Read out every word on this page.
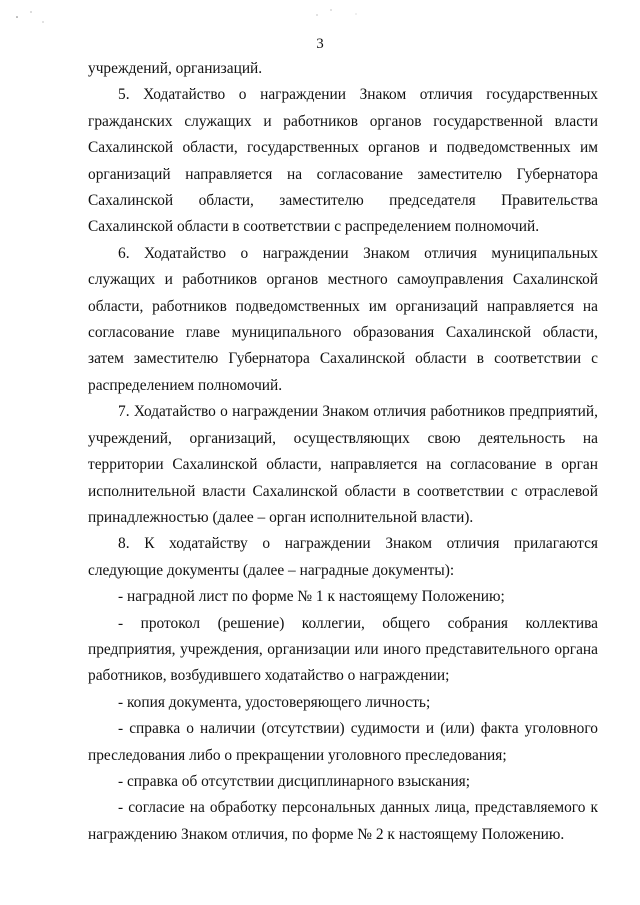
3

учреждений, организаций.

5. Ходатайство о награждении Знаком отличия государственных гражданских служащих и работников органов государственной власти Сахалинской области, государственных органов и подведомственных им организаций направляется на согласование заместителю Губернатора Сахалинской области, заместителю председателя Правительства Сахалинской области в соответствии с распределением полномочий.

6. Ходатайство о награждении Знаком отличия муниципальных служащих и работников органов местного самоуправления Сахалинской области, работников подведомственных им организаций направляется на согласование главе муниципального образования Сахалинской области, затем заместителю Губернатора Сахалинской области в соответствии с распределением полномочий.

7. Ходатайство о награждении Знаком отличия работников предприятий, учреждений, организаций, осуществляющих свою деятельность на территории Сахалинской области, направляется на согласование в орган исполнительной власти Сахалинской области в соответствии с отраслевой принадлежностью (далее – орган исполнительной власти).

8. К ходатайству о награждении Знаком отличия прилагаются следующие документы (далее – наградные документы):

- наградной лист по форме № 1 к настоящему Положению;

- протокол (решение) коллегии, общего собрания коллектива предприятия, учреждения, организации или иного представительного органа работников, возбудившего ходатайство о награждении;

- копия документа, удостоверяющего личность;

- справка о наличии (отсутствии) судимости и (или) факта уголовного преследования либо о прекращении уголовного преследования;

- справка об отсутствии дисциплинарного взыскания;

- согласие на обработку персональных данных лица, представляемого к награждению Знаком отличия, по форме № 2 к настоящему Положению.
